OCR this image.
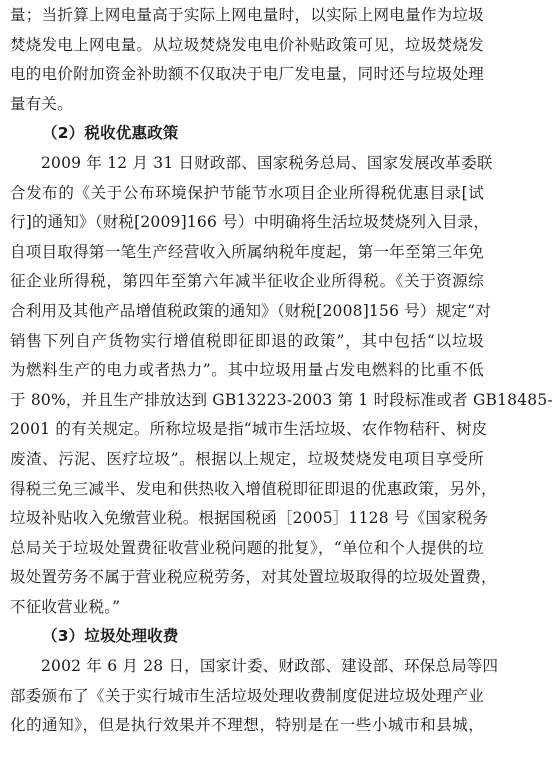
量；当折算上网电量高于实际上网电量时，以实际上网电量作为垃圾
焚烧发电上网电量。从垃圾焚烧发电电价补贴政策可见，垃圾焚烧发
电的电价附加资金补助额不仅取决于电厂发电量，同时还与垃圾处理
量有关。
（2）税收优惠政策
2009 年 12 月 31 日财政部、国家税务总局、国家发展改革委联
合发布的《关于公布环境保护节能节水项目企业所得税优惠目录[试
行]的通知》（财税[2009]166 号）中明确将生活垃圾焚烧列入目录，
自项目取得第一笔生产经营收入所属纳税年度起，第一年至第三年免
征企业所得税，第四年至第六年减半征收企业所得税。《关于资源综
合利用及其他产品增值税政策的通知》（财税[2008]156 号）规定“对
销售下列自产货物实行增值税即征即退的政策”，其中包括“以垃圾
为燃料生产的电力或者热力”。其中垃圾用量占发电燃料的比重不低
于 80%，并且生产排放达到 GB13223-2003 第 1 时段标准或者 GB18485-
2001 的有关规定。所称垃圾是指“城市生活垃圾、农作物秸秆、树皮
废渣、污泥、医疗垃圾”。根据以上规定，垃圾焚烧发电项目享受所
得税三免三减半、发电和供热收入增值税即征即退的优惠政策，另外，
垃圾补贴收入免缴营业税。根据国税函［2005］1128 号《国家税务
总局关于垃圾处置费征收营业税问题的批复》，“单位和个人提供的垃
圾处置劳务不属于营业税应税劳务，对其处置垃圾取得的垃圾处置费，
不征收营业税。”
（3）垃圾处理收费
2002 年 6 月 28 日，国家计委、财政部、建设部、环保总局等四
部委颁布了《关于实行城市生活垃圾处理收费制度促进垃圾处理产业
化的通知》，但是执行效果并不理想，特别是在一些小城市和县城，
​
